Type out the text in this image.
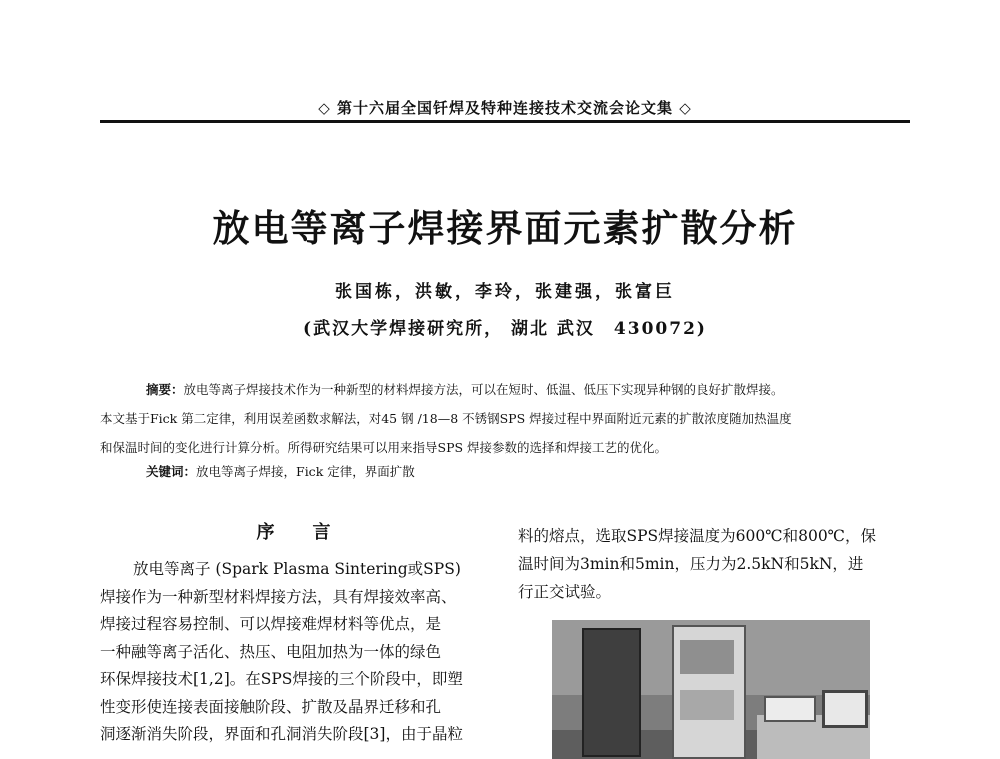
◇ 第十六届全国钎焊及特种连接技术交流会论文集 ◇
放电等离子焊接界面元素扩散分析
张国栋，洪敏，李玲，张建强，张富巨
(武汉大学焊接研究所， 湖北 武汉　430072)
摘要：放电等离子焊接技术作为一种新型的材料焊接方法，可以在短时、低温、低压下实现异种钢的良好扩散焊接。
本文基于Fick 第二定律，利用误差函数求解法，对45 钢 /18—8 不锈钢SPS 焊接过程中界面附近元素的扩散浓度随加热温度
和保温时间的变化进行计算分析。所得研究结果可以用来指导SPS 焊接参数的选择和焊接工艺的优化。
关键词：放电等离子焊接，Fick 定律，界面扩散
序　言
放电等离子 (Spark Plasma Sintering或SPS)
焊接作为一种新型材料焊接方法，具有焊接效率高、
焊接过程容易控制、可以焊接难焊材料等优点，是
一种融等离子活化、热压、电阻加热为一体的绿色
环保焊接技术[1,2]。在SPS焊接的三个阶段中，即塑
性变形使连接表面接触阶段、扩散及晶界迁移和孔
洞逐渐消失阶段，界面和孔洞消失阶段[3]，由于晶粒
料的熔点，选取SPS焊接温度为600℃和800℃，保
温时间为3min和5min，压力为2.5kN和5kN，进
行正交试验。
